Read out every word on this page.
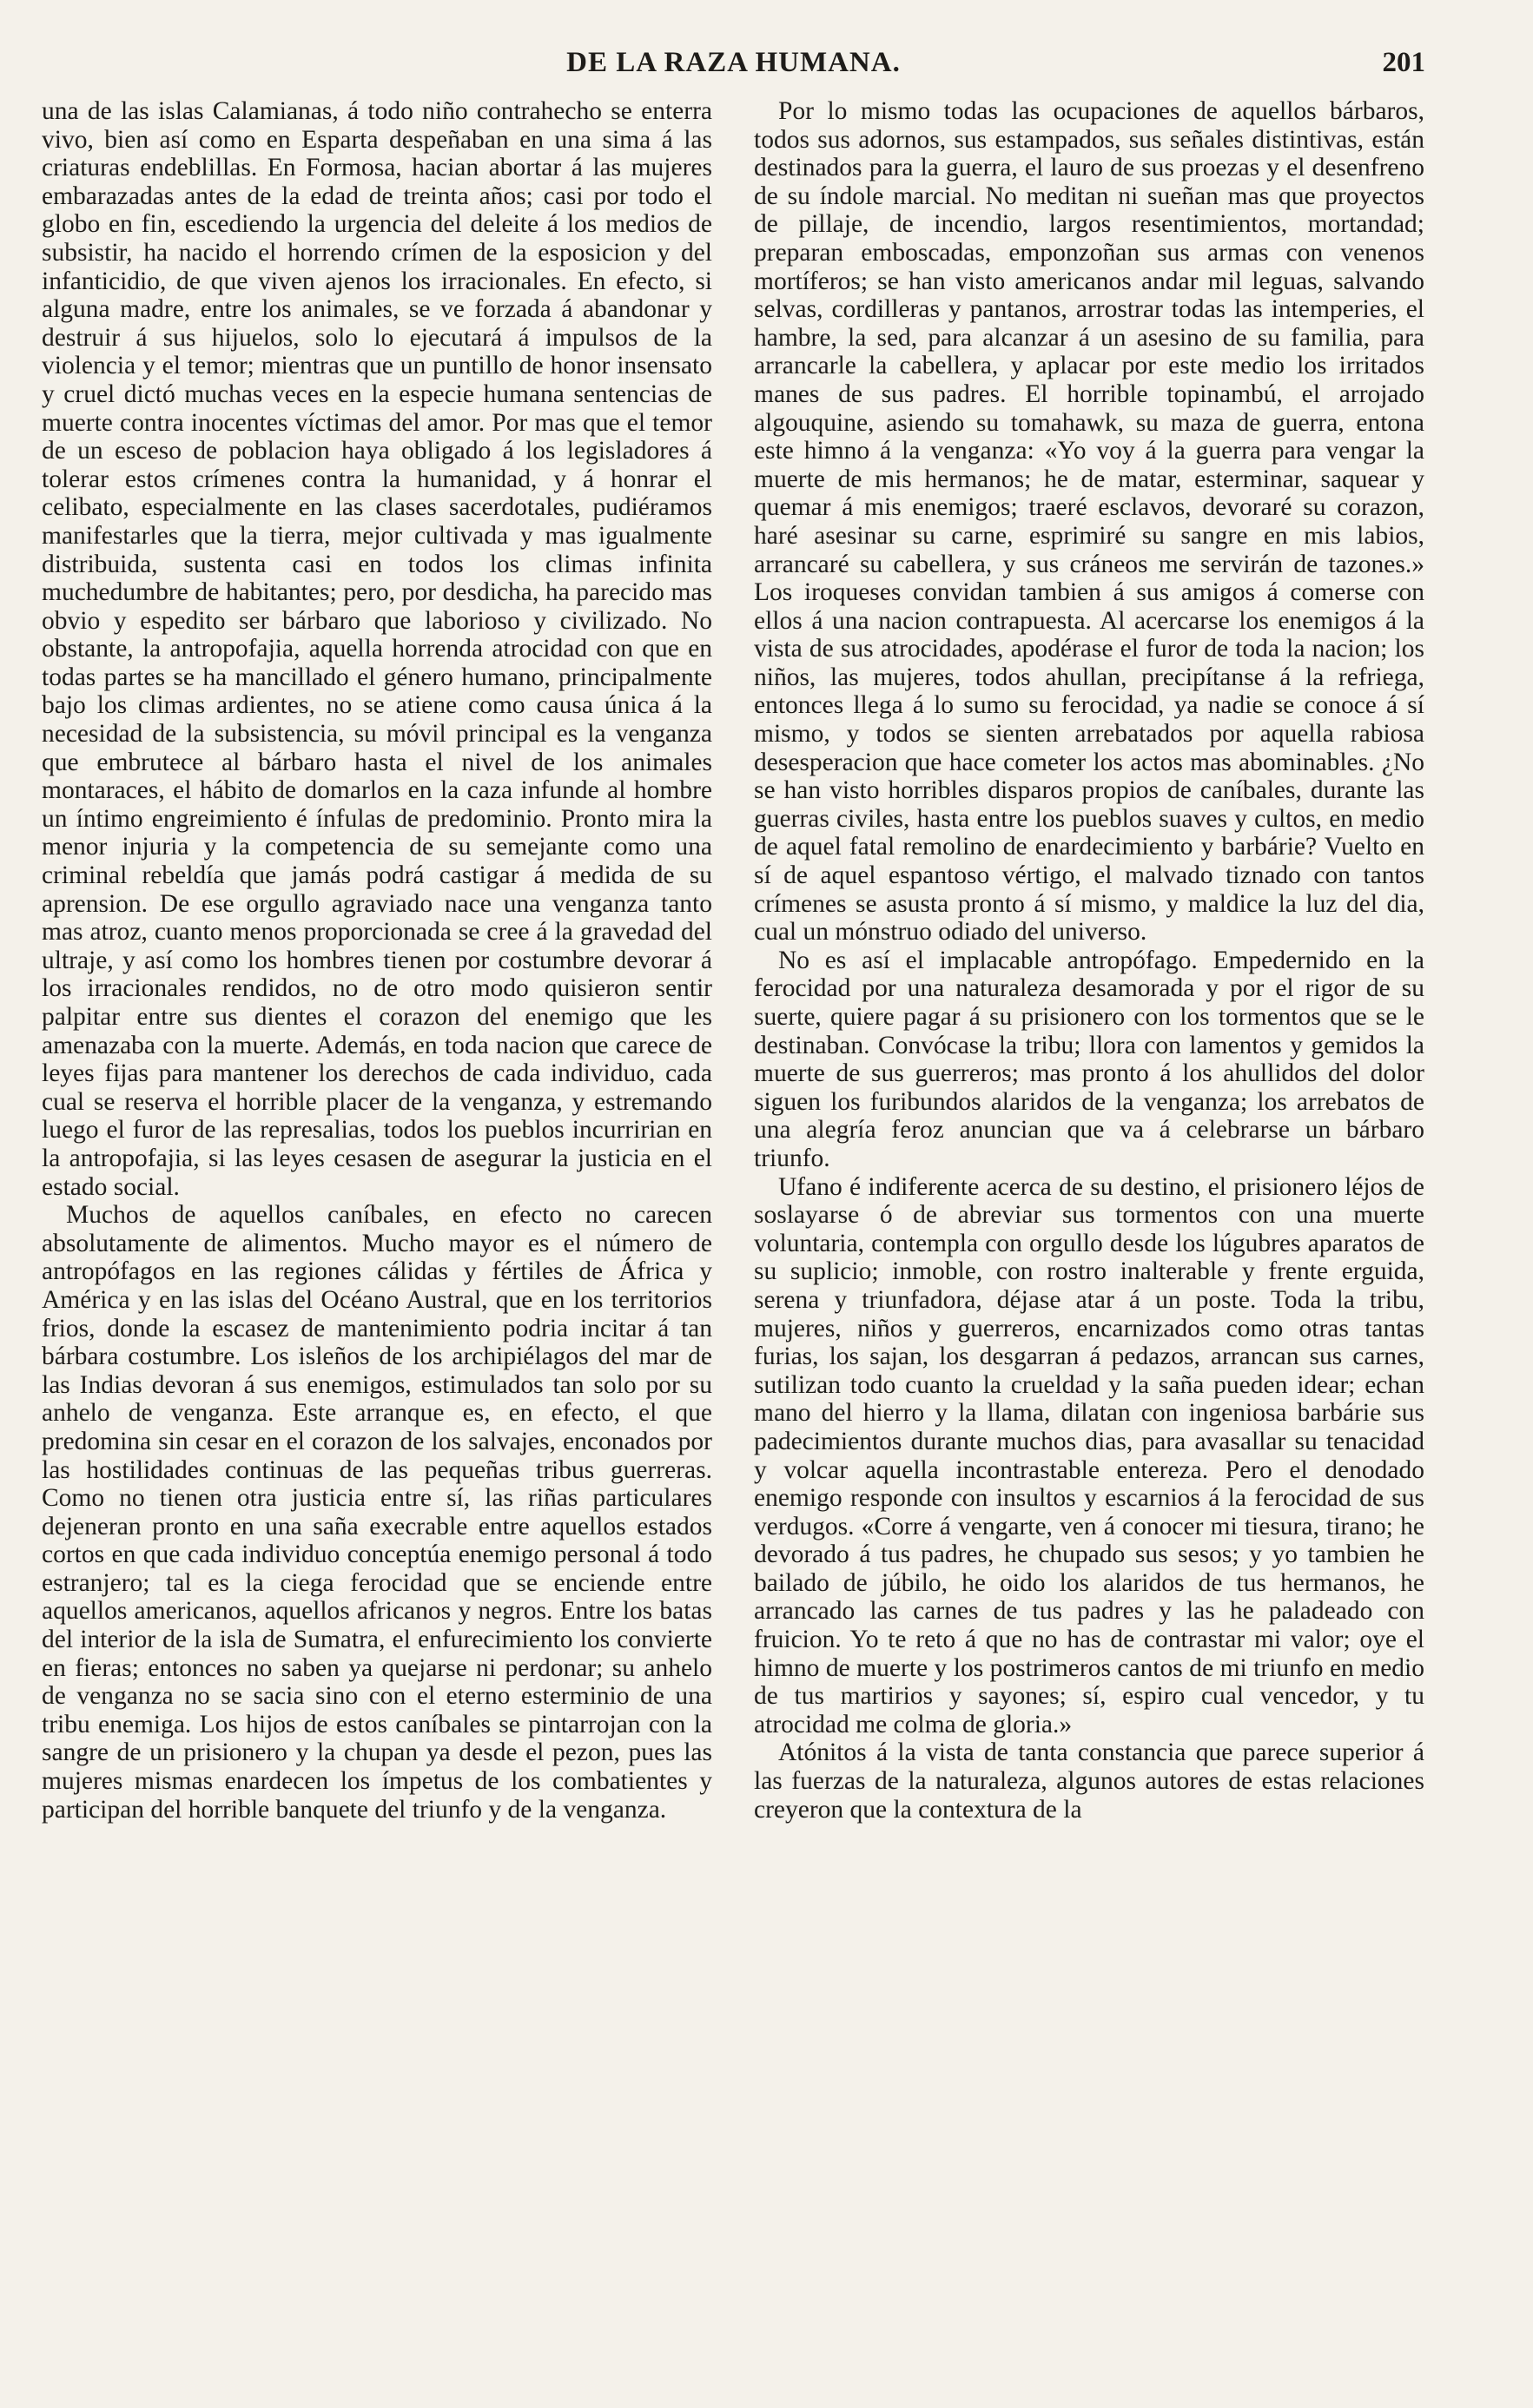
DE LA RAZA HUMANA.	201

una de las islas Calamianas, á todo niño contrahecho se enterra vivo, bien así como en Esparta despeñaban en una sima á las criaturas endeblillas. En Formosa, hacian abortar á las mujeres embarazadas antes de la edad de treinta años; casi por todo el globo en fin, escediendo la urgencia del deleite á los medios de subsistir, ha nacido el horrendo crímen de la esposicion y del infanticidio, de que viven ajenos los irracionales. En efecto, si alguna madre, entre los animales, se ve forzada á abandonar y destruir á sus hijuelos, solo lo ejecutará á impulsos de la violencia y el temor; mientras que un puntillo de honor insensato y cruel dictó muchas veces en la especie humana sentencias de muerte contra inocentes víctimas del amor. Por mas que el temor de un esceso de poblacion haya obligado á los legisladores á tolerar estos crímenes contra la humanidad, y á honrar el celibato, especialmente en las clases sacerdotales, pudiéramos manifestarles que la tierra, mejor cultivada y mas igualmente distribuida, sustenta casi en todos los climas infinita muchedumbre de habitantes; pero, por desdicha, ha parecido mas obvio y espedito ser bárbaro que laborioso y civilizado. No obstante, la antropofajia, aquella horrenda atrocidad con que en todas partes se ha mancillado el género humano, principalmente bajo los climas ardientes, no se atiene como causa única á la necesidad de la subsistencia, su móvil principal es la venganza que embrutece al bárbaro hasta el nivel de los animales montaraces, el hábito de domarlos en la caza infunde al hombre un íntimo engreimiento é ínfulas de predominio. Pronto mira la menor injuria y la competencia de su semejante como una criminal rebeldía que jamás podrá castigar á medida de su aprension. De ese orgullo agraviado nace una venganza tanto mas atroz, cuanto menos proporcionada se cree á la gravedad del ultraje, y así como los hombres tienen por costumbre devorar á los irracionales rendidos, no de otro modo quisieron sentir palpitar entre sus dientes el corazon del enemigo que les amenazaba con la muerte. Además, en toda nacion que carece de leyes fijas para mantener los derechos de cada individuo, cada cual se reserva el horrible placer de la venganza, y estremando luego el furor de las represalias, todos los pueblos incurririan en la antropofajia, si las leyes cesasen de asegurar la justicia en el estado social.

Muchos de aquellos caníbales, en efecto no carecen absolutamente de alimentos. Mucho mayor es el número de antropófagos en las regiones cálidas y fértiles de África y América y en las islas del Océano Austral, que en los territorios frios, donde la escasez de mantenimiento podria incitar á tan bárbara costumbre. Los isleños de los archipiélagos del mar de las Indias devoran á sus enemigos, estimulados tan solo por su anhelo de venganza. Este arranque es, en efecto, el que predomina sin cesar en el corazon de los salvajes, enconados por las hostilidades continuas de las pequeñas tribus guerreras. Como no tienen otra justicia entre sí, las riñas particulares dejeneran pronto en una saña execrable entre aquellos estados cortos en que cada individuo conceptúa enemigo personal á todo estranjero; tal es la ciega ferocidad que se enciende entre aquellos americanos, aquellos africanos y negros. Entre los batas del interior de la isla de Sumatra, el enfurecimiento los convierte en fieras; entonces no saben ya quejarse ni perdonar; su anhelo de venganza no se sacia sino con el eterno esterminio de una tribu enemiga. Los hijos de estos caníbales se pintarrojan con la sangre de un prisionero y la chupan ya desde el pezon, pues las mujeres mismas enardecen los ímpetus de los combatientes y participan del horrible banquete del triunfo y de la venganza.

Por lo mismo todas las ocupaciones de aquellos bárbaros, todos sus adornos, sus estampados, sus señales distintivas, están destinados para la guerra, el lauro de sus proezas y el desenfreno de su índole marcial. No meditan ni sueñan mas que proyectos de pillaje, de incendio, largos resentimientos, mortandad; preparan emboscadas, emponzoñan sus armas con venenos mortíferos; se han visto americanos andar mil leguas, salvando selvas, cordilleras y pantanos, arrostrar todas las intemperies, el hambre, la sed, para alcanzar á un asesino de su familia, para arrancarle la cabellera, y aplacar por este medio los irritados manes de sus padres. El horrible topinambú, el arrojado algouquine, asiendo su tomahawk, su maza de guerra, entona este himno á la venganza: «Yo voy á la guerra para vengar la muerte de mis hermanos; he de matar, esterminar, saquear y quemar á mis enemigos; traeré esclavos, devoraré su corazon, haré asesinar su carne, esprimiré su sangre en mis labios, arrancaré su cabellera, y sus cráneos me servirán de tazones.» Los iroqueses convidan tambien á sus amigos á comerse con ellos á una nacion contrapuesta. Al acercarse los enemigos á la vista de sus atrocidades, apodérase el furor de toda la nacion; los niños, las mujeres, todos ahullan, precipítanse á la refriega, entonces llega á lo sumo su ferocidad, ya nadie se conoce á sí mismo, y todos se sienten arrebatados por aquella rabiosa desesperacion que hace cometer los actos mas abominables. ¿No se han visto horribles disparos propios de caníbales, durante las guerras civiles, hasta entre los pueblos suaves y cultos, en medio de aquel fatal remolino de enardecimiento y barbárie? Vuelto en sí de aquel espantoso vértigo, el malvado tiznado con tantos crímenes se asusta pronto á sí mismo, y maldice la luz del dia, cual un mónstruo odiado del universo.

No es así el implacable antropófago. Empedernido en la ferocidad por una naturaleza desamorada y por el rigor de su suerte, quiere pagar á su prisionero con los tormentos que se le destinaban. Convócase la tribu; llora con lamentos y gemidos la muerte de sus guerreros; mas pronto á los ahullidos del dolor siguen los furibundos alaridos de la venganza; los arrebatos de una alegría feroz anuncian que va á celebrarse un bárbaro triunfo.

Ufano é indiferente acerca de su destino, el prisionero léjos de soslayarse ó de abreviar sus tormentos con una muerte voluntaria, contempla con orgullo desde los lúgubres aparatos de su suplicio; inmoble, con rostro inalterable y frente erguida, serena y triunfadora, déjase atar á un poste. Toda la tribu, mujeres, niños y guerreros, encarnizados como otras tantas furias, los sajan, los desgarran á pedazos, arrancan sus carnes, sutilizan todo cuanto la crueldad y la saña pueden idear; echan mano del hierro y la llama, dilatan con ingeniosa barbárie sus padecimientos durante muchos dias, para avasallar su tenacidad y volcar aquella incontrastable entereza. Pero el denodado enemigo responde con insultos y escarnios á la ferocidad de sus verdugos. «Corre á vengarte, ven á conocer mi tiesura, tirano; he devorado á tus padres, he chupado sus sesos; y yo tambien he bailado de júbilo, he oido los alaridos de tus hermanos, he arrancado las carnes de tus padres y las he paladeado con fruicion. Yo te reto á que no has de contrastar mi valor; oye el himno de muerte y los postrimeros cantos de mi triunfo en medio de tus martirios y sayones; sí, espiro cual vencedor, y tu atrocidad me colma de gloria.»

Atónitos á la vista de tanta constancia que parece superior á las fuerzas de la naturaleza, algunos autores de estas relaciones creyeron que la contextura de la
